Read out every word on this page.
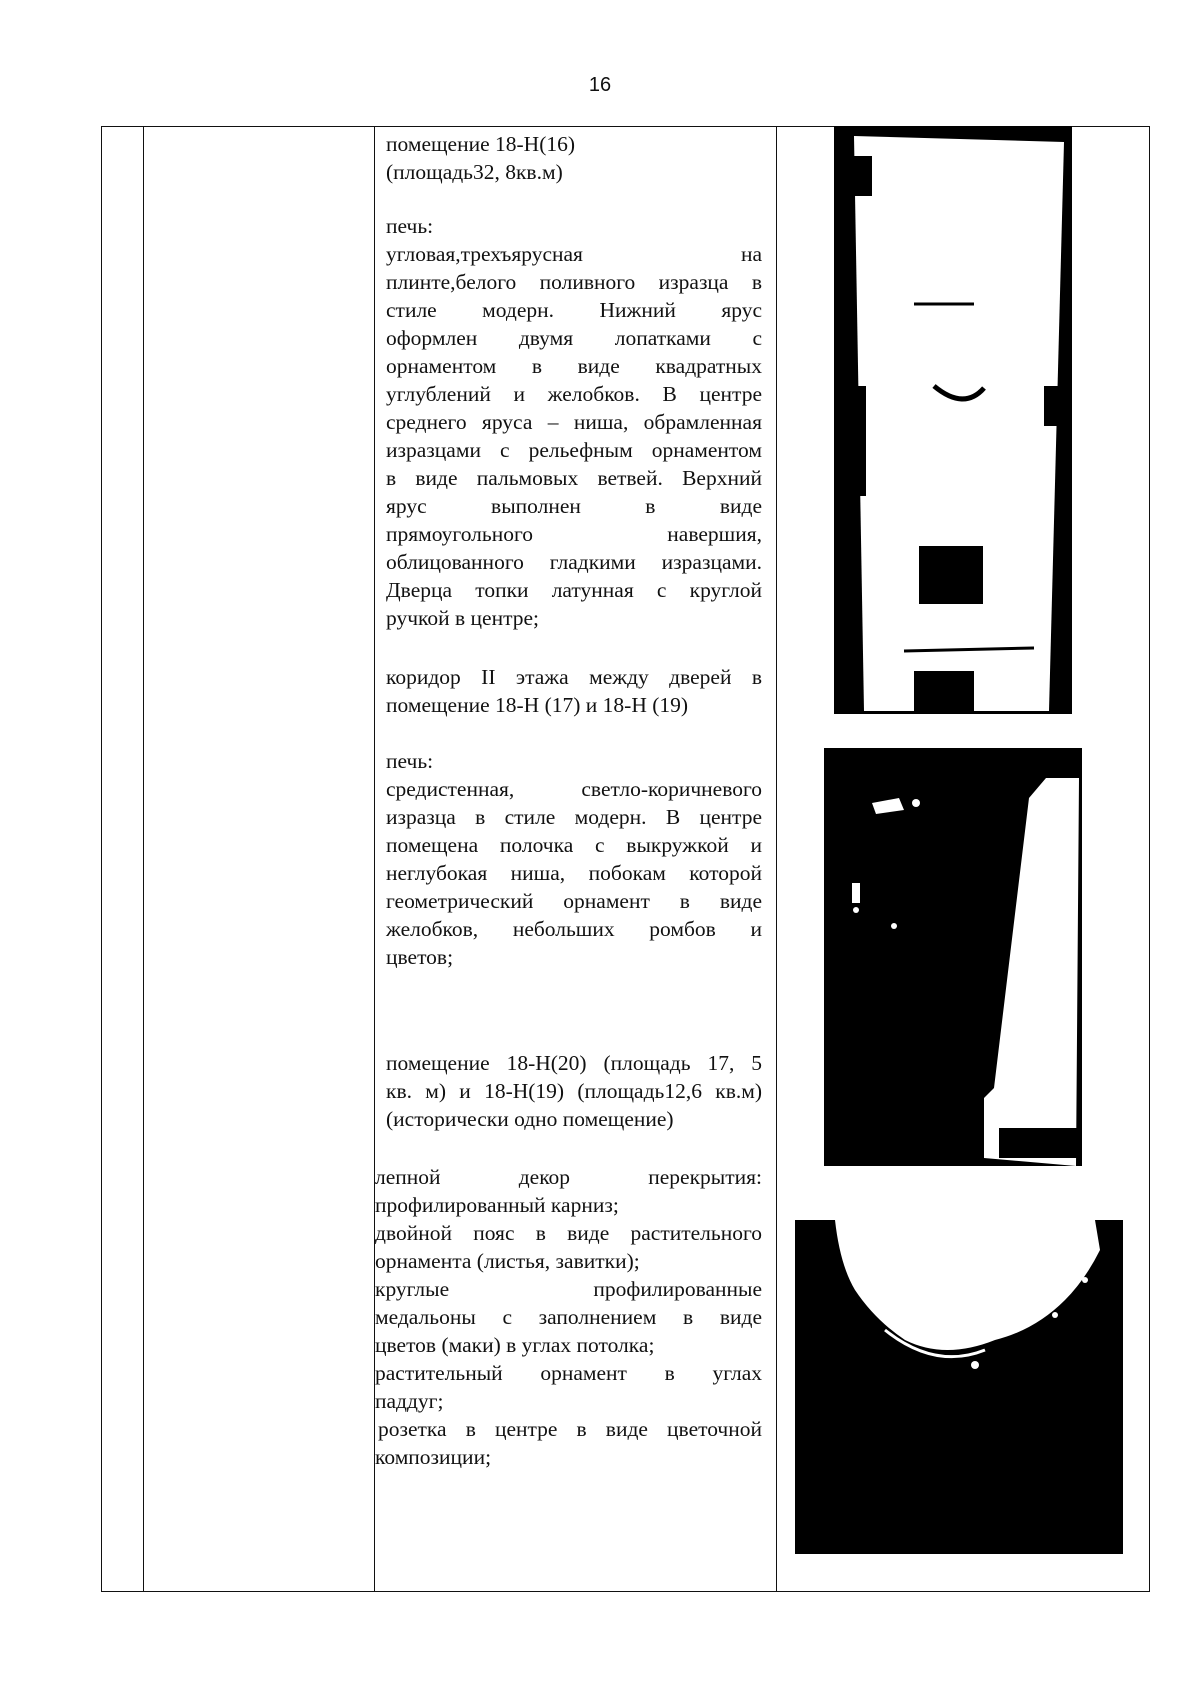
16
помещение 18-Н(16)
(площадь32, 8кв.м)
печь:
угловая,трехъярусная на
плинте,белого поливного изразца в
стиле модерн. Нижний ярус
оформлен двумя лопатками с
орнаментом в виде квадратных
углублений и желобков. В центре
среднего яруса – ниша, обрамленная
изразцами с рельефным орнаментом
в виде пальмовых ветвей. Верхний
ярус выполнен в виде
прямоугольного навершия,
облицованного гладкими изразцами.
Дверца топки латунная с круглой
ручкой в центре;
коридор II этажа между дверей в
помещение 18-Н (17) и 18-Н (19)
печь:
средистенная, светло-коричневого
изразца в стиле модерн. В центре
помещена полочка с выкружкой и
неглубокая ниша, побокам которой
геометрический орнамент в виде
желобков, небольших ромбов и
цветов;
помещение 18-Н(20) (площадь 17, 5
кв. м) и 18-Н(19) (площадь12,6 кв.м)
(исторически одно помещение)
лепной декор перекрытия:
профилированный карниз;
двойной пояс в виде растительного
орнамента (листья, завитки);
круглые профилированные
медальоны с заполнением в виде
цветов (маки) в углах потолка;
растительный орнамент в углах
паддуг;
розетка в центре в виде цветочной
композиции;
